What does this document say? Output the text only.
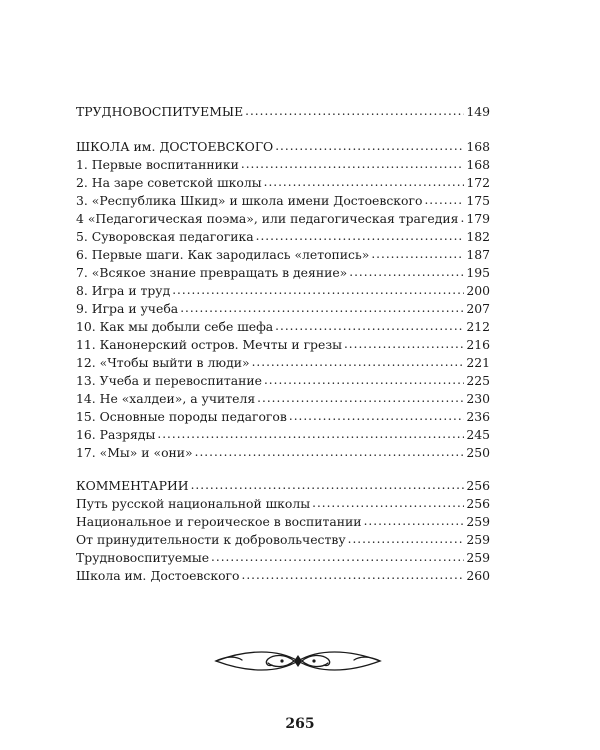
ТРУДНОВОСПИТУЕМЫЕ . . .	149
ШКОЛА им. ДОСТОЕВСКОГО . . .	168
1. Первые воспитанники . . .	168
2. На заре советской школы . . .	172
3. «Республика Шкид» и школа имени Достоевского . . .	175
4 «Педагогическая поэма», или педагогическая трагедия . . . 179
5. Суворовская педагогика . . .	182
6. Первые шаги. Как зародилась «летопись» . . .	187
7. «Всякое знание превращать в деяние» . . .	195
8. Игра и труд . . .	200
9. Игра и учеба . . .	207
10. Как мы добыли себе шефа . . .	212
11. Канонерский остров. Мечты и грезы . . .	216
12. «Чтобы выйти в люди» . . .	221
13. Учеба и перевоспитание . . .	225
14. Не «халдеи», а учителя . . .	230
15. Основные породы педагогов . . .	236
16. Разряды . . .	245
17. «Мы» и «они» . . .	250
КОММЕНТАРИИ . . .	256
Путь русской национальной школы . . .	256
Национальное и героическое в воспитании . . .	259
От принудительности к добровольчеству . . .	259
Трудновоспитуемые . . .	259
Школа им. Достоевского . . .	260
265
